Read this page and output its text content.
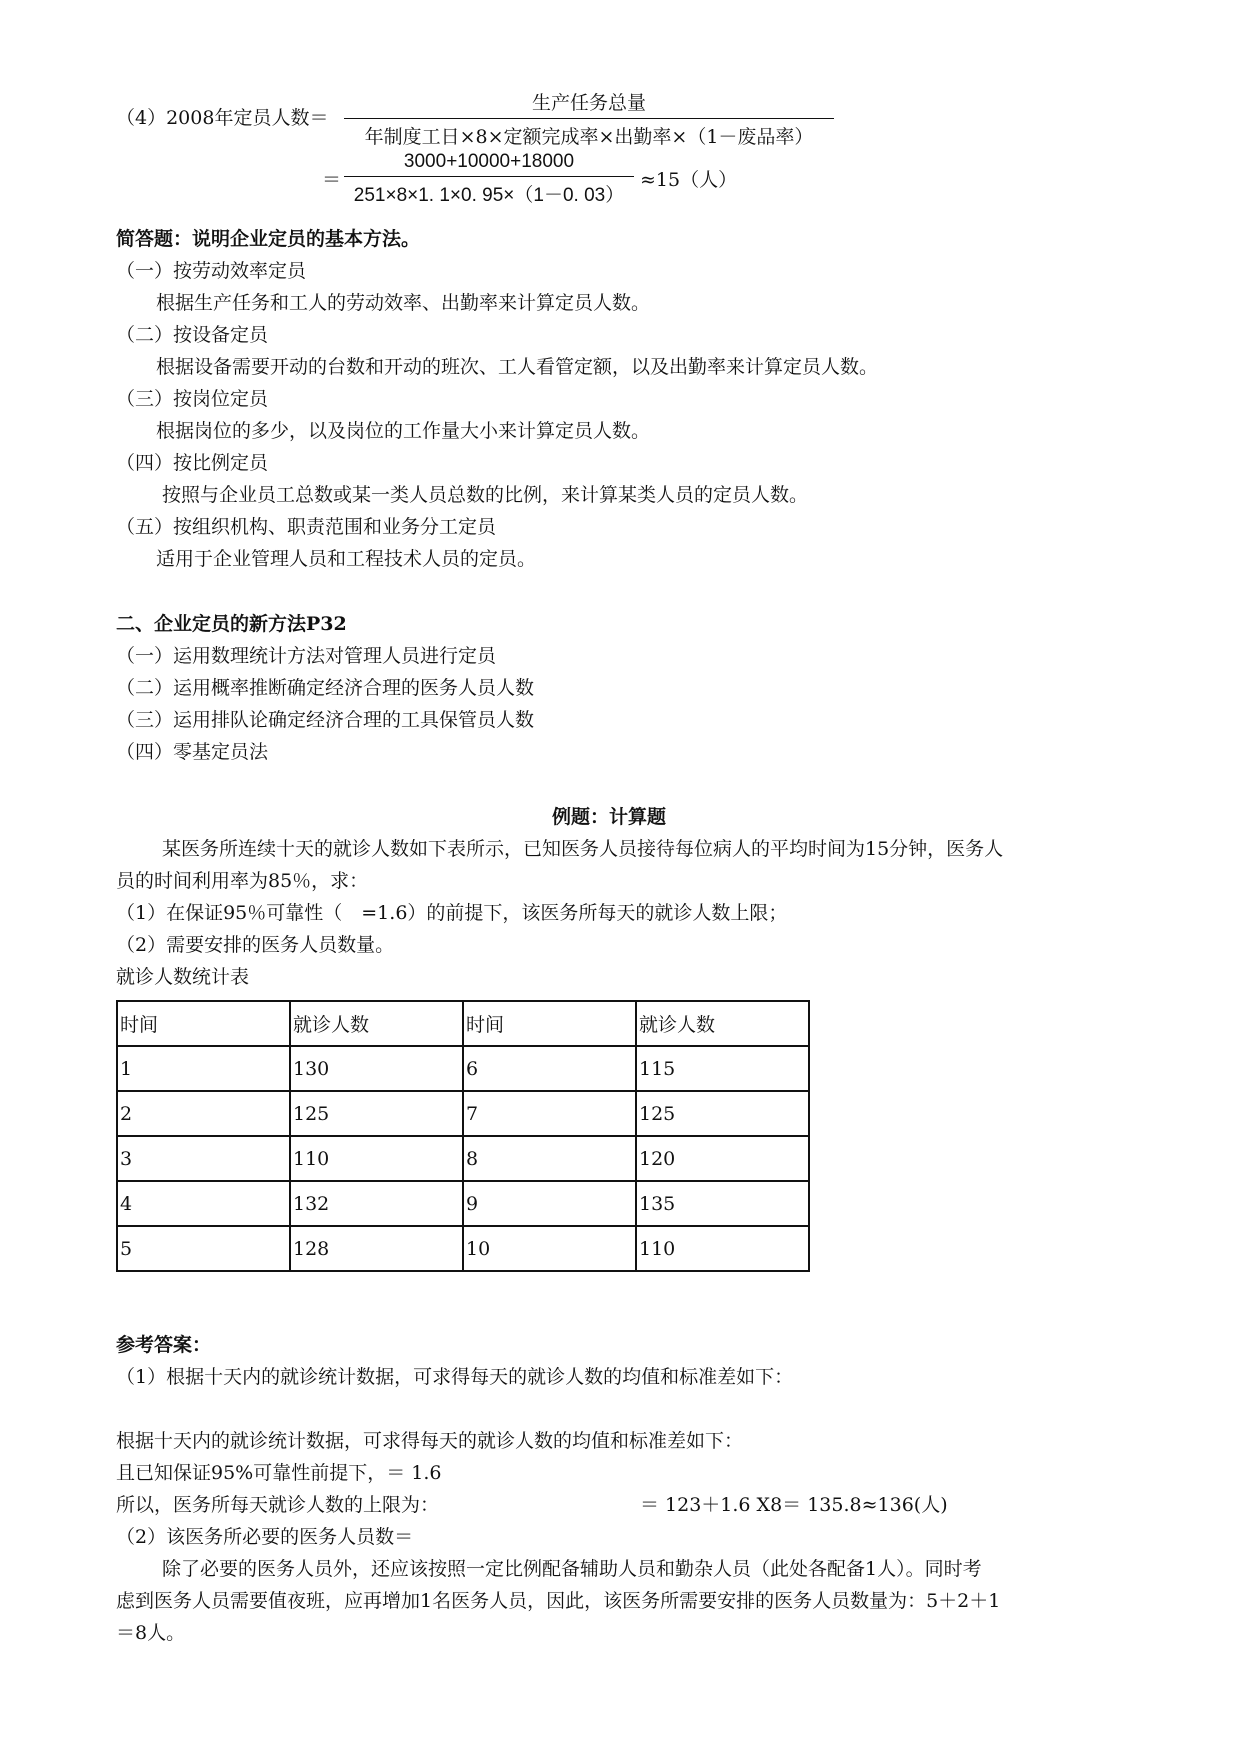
（4）2008年定员人数＝
生产任务总量
年制度工日×8×定额完成率×出勤率×（1－废品率）
＝
3000+10000+18000
251×8×1. 1×0. 95×（1－0. 03）
≈15（人）
简答题：说明企业定员的基本方法。
（一）按劳动效率定员
根据生产任务和工人的劳动效率、出勤率来计算定员人数。
（二）按设备定员
根据设备需要开动的台数和开动的班次、工人看管定额，以及出勤率来计算定员人数。
（三）按岗位定员
根据岗位的多少，以及岗位的工作量大小来计算定员人数。
（四）按比例定员
按照与企业员工总数或某一类人员总数的比例，来计算某类人员的定员人数。
（五）按组织机构、职责范围和业务分工定员
适用于企业管理人员和工程技术人员的定员。
二、企业定员的新方法P32
（一）运用数理统计方法对管理人员进行定员
（二）运用概率推断确定经济合理的医务人员人数
（三）运用排队论确定经济合理的工具保管员人数
（四）零基定员法
例题：计算题
某医务所连续十天的就诊人数如下表所示，已知医务人员接待每位病人的平均时间为15分钟，医务人
员的时间利用率为85％，求：
（1）在保证95％可靠性（　=1.6）的前提下，该医务所每天的就诊人数上限；
（2）需要安排的医务人员数量。
就诊人数统计表
时间	就诊人数	时间	就诊人数
1	130	6	115
2	125	7	125
3	110	8	120
4	132	9	135
5	128	10	110
参考答案：
（1）根据十天内的就诊统计数据，可求得每天的就诊人数的均值和标准差如下：
根据十天内的就诊统计数据，可求得每天的就诊人数的均值和标准差如下：
且已知保证95%可靠性前提下，＝ 1.6
所以，医务所每天就诊人数的上限为：	＝ 123＋1.6 X8＝ 135.8≈136(人)
（2）该医务所必要的医务人员数＝
除了必要的医务人员外，还应该按照一定比例配备辅助人员和勤杂人员（此处各配备1人）。同时考
虑到医务人员需要值夜班，应再增加1名医务人员，因此，该医务所需要安排的医务人员数量为：5＋2＋1
＝8人。
